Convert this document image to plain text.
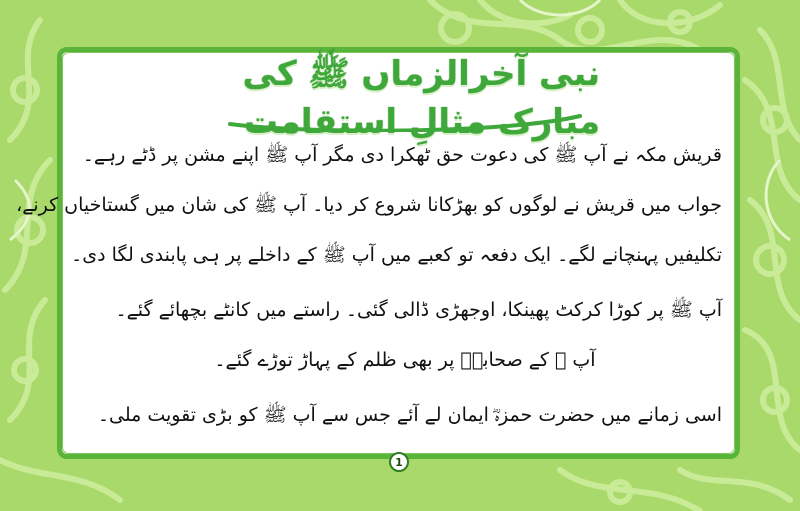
نبی آخرالزماں ﷺ کی مبارک مثالِ استقامت
قریش مکہ نے آپ ﷺ کی دعوت حق ٹھکرا دی مگر آپ ﷺ اپنے مشن پر ڈٹے رہے۔
جواب میں قریش نے لوگوں کو بھڑکانا شروع کر دیا۔ آپ ﷺ کی شان میں گستاخیاں کرنے،
تکلیفیں پہنچانے لگے۔ ایک دفعہ تو کعبے میں آپ ﷺ کے داخلے پر ہی پابندی لگا دی۔
آپ ﷺ پر کوڑا کرکٹ پھینکا، اوجھڑی ڈالی گئی۔ راستے میں کانٹے بچھائے گئے۔
آپ ﷺ کے صحابہؓ پر بھی ظلم کے پہاڑ توڑے گئے۔
اسی زمانے میں حضرت حمزہؓ ایمان لے آئے جس سے آپ ﷺ کو بڑی تقویت ملی۔
1
